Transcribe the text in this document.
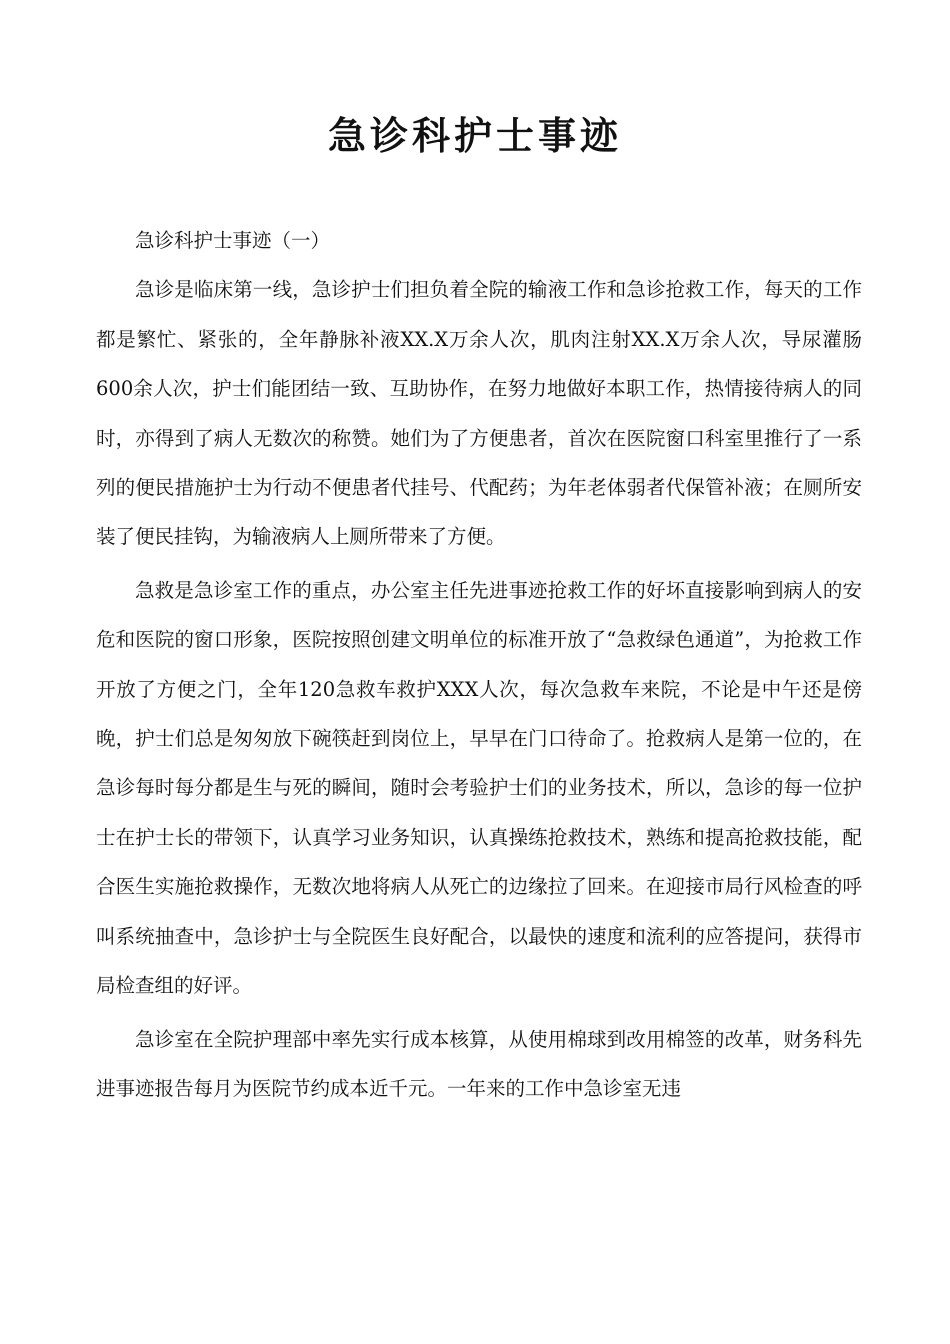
急诊科护士事迹

急诊科护士事迹（一）

急诊是临床第一线，急诊护士们担负着全院的输液工作和急诊抢救工作，每天的工作都是繁忙、紧张的，全年静脉补液XX.X万余人次，肌肉注射XX.X万余人次，导尿灌肠600余人次，护士们能团结一致、互助协作，在努力地做好本职工作，热情接待病人的同时，亦得到了病人无数次的称赞。她们为了方便患者，首次在医院窗口科室里推行了一系列的便民措施护士为行动不便患者代挂号、代配药；为年老体弱者代保管补液；在厕所安装了便民挂钩，为输液病人上厕所带来了方便。

急救是急诊室工作的重点，办公室主任先进事迹抢救工作的好坏直接影响到病人的安危和医院的窗口形象，医院按照创建文明单位的标准开放了“急救绿色通道”，为抢救工作开放了方便之门，全年120急救车救护XXX人次，每次急救车来院，不论是中午还是傍晚，护士们总是匆匆放下碗筷赶到岗位上，早早在门口待命了。抢救病人是第一位的，在急诊每时每分都是生与死的瞬间，随时会考验护士们的业务技术，所以，急诊的每一位护士在护士长的带领下，认真学习业务知识，认真操练抢救技术，熟练和提高抢救技能，配合医生实施抢救操作，无数次地将病人从死亡的边缘拉了回来。在迎接市局行风检查的呼叫系统抽查中，急诊护士与全院医生良好配合，以最快的速度和流利的应答提问，获得市局检查组的好评。

急诊室在全院护理部中率先实行成本核算，从使用棉球到改用棉签的改革，财务科先进事迹报告每月为医院节约成本近千元。一年来的工作中急诊室无违
